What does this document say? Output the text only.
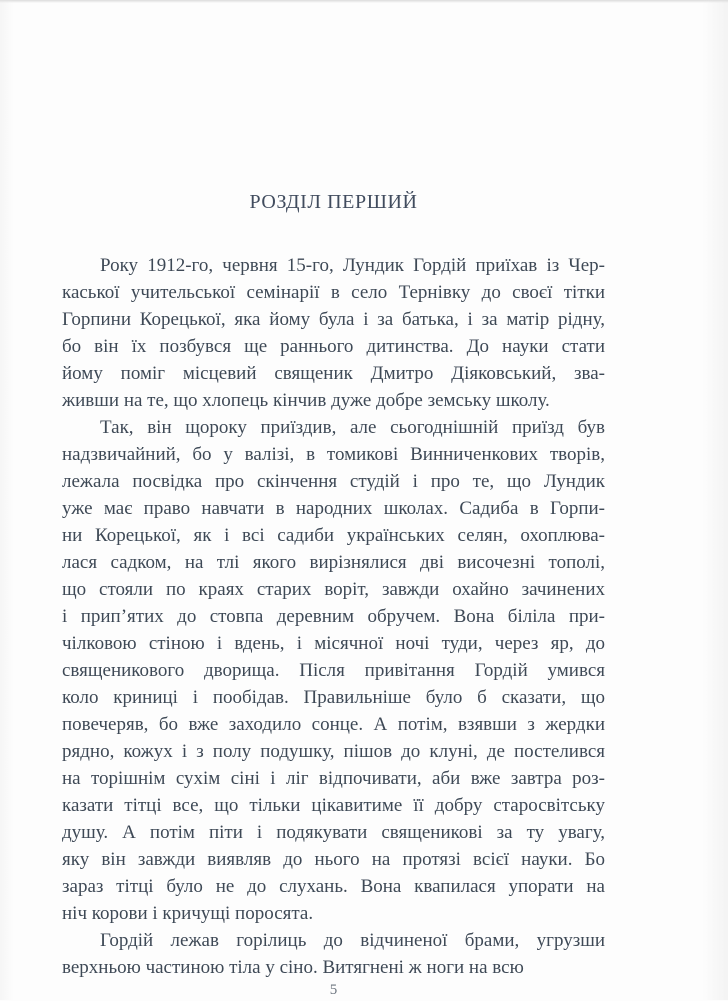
РОЗДІЛ ПЕРШИЙ
Року 1912-го, червня 15-го, Лундик Гордій приїхав із Чер-
каської учительської семінарії в село Тернівку до своєї тітки
Горпини Корецької, яка йому була і за батька, і за матір рідну,
бо він їх позбувся ще раннього дитинства. До науки стати
йому поміг місцевий священик Дмитро Діяковський, зва-
живши на те, що хлопець кінчив дуже добре земську школу.
Так, він щороку приїздив, але сьогоднішній приїзд був
надзвичайний, бо у валізі, в томикові Винниченкових творів,
лежала посвідка про скінчення студій і про те, що Лундик
уже має право навчати в народних школах. Садиба в Горпи-
ни Корецької, як і всі садиби українських селян, охоплюва-
лася садком, на тлі якого вирізнялися дві височезні тополі,
що стояли по краях старих воріт, завжди охайно зачинених
і прип’ятих до стовпа деревним обручем. Вона біліла при-
чілковою стіною і вдень, і місячної ночі туди, через яр, до
священикового дворища. Після привітання Гордій умився
коло криниці і пообідав. Правильніше було б сказати, що
повечеряв, бо вже заходило сонце. А потім, взявши з жердки
рядно, кожух і з полу подушку, пішов до клуні, де постелився
на торішнім сухім сіні і ліг відпочивати, аби вже завтра роз-
казати тітці все, що тільки цікавитиме її добру старосвітську
душу. А потім піти і подякувати священикові за ту увагу,
яку він завжди виявляв до нього на протязі всієї науки. Бо
зараз тітці було не до слухань. Вона квапилася упорати на
ніч корови і кричущі поросята.
Гордій лежав горілиць до відчиненої брами, угрузши
верхньою частиною тіла у сіно. Витягнені ж ноги на всю
5
